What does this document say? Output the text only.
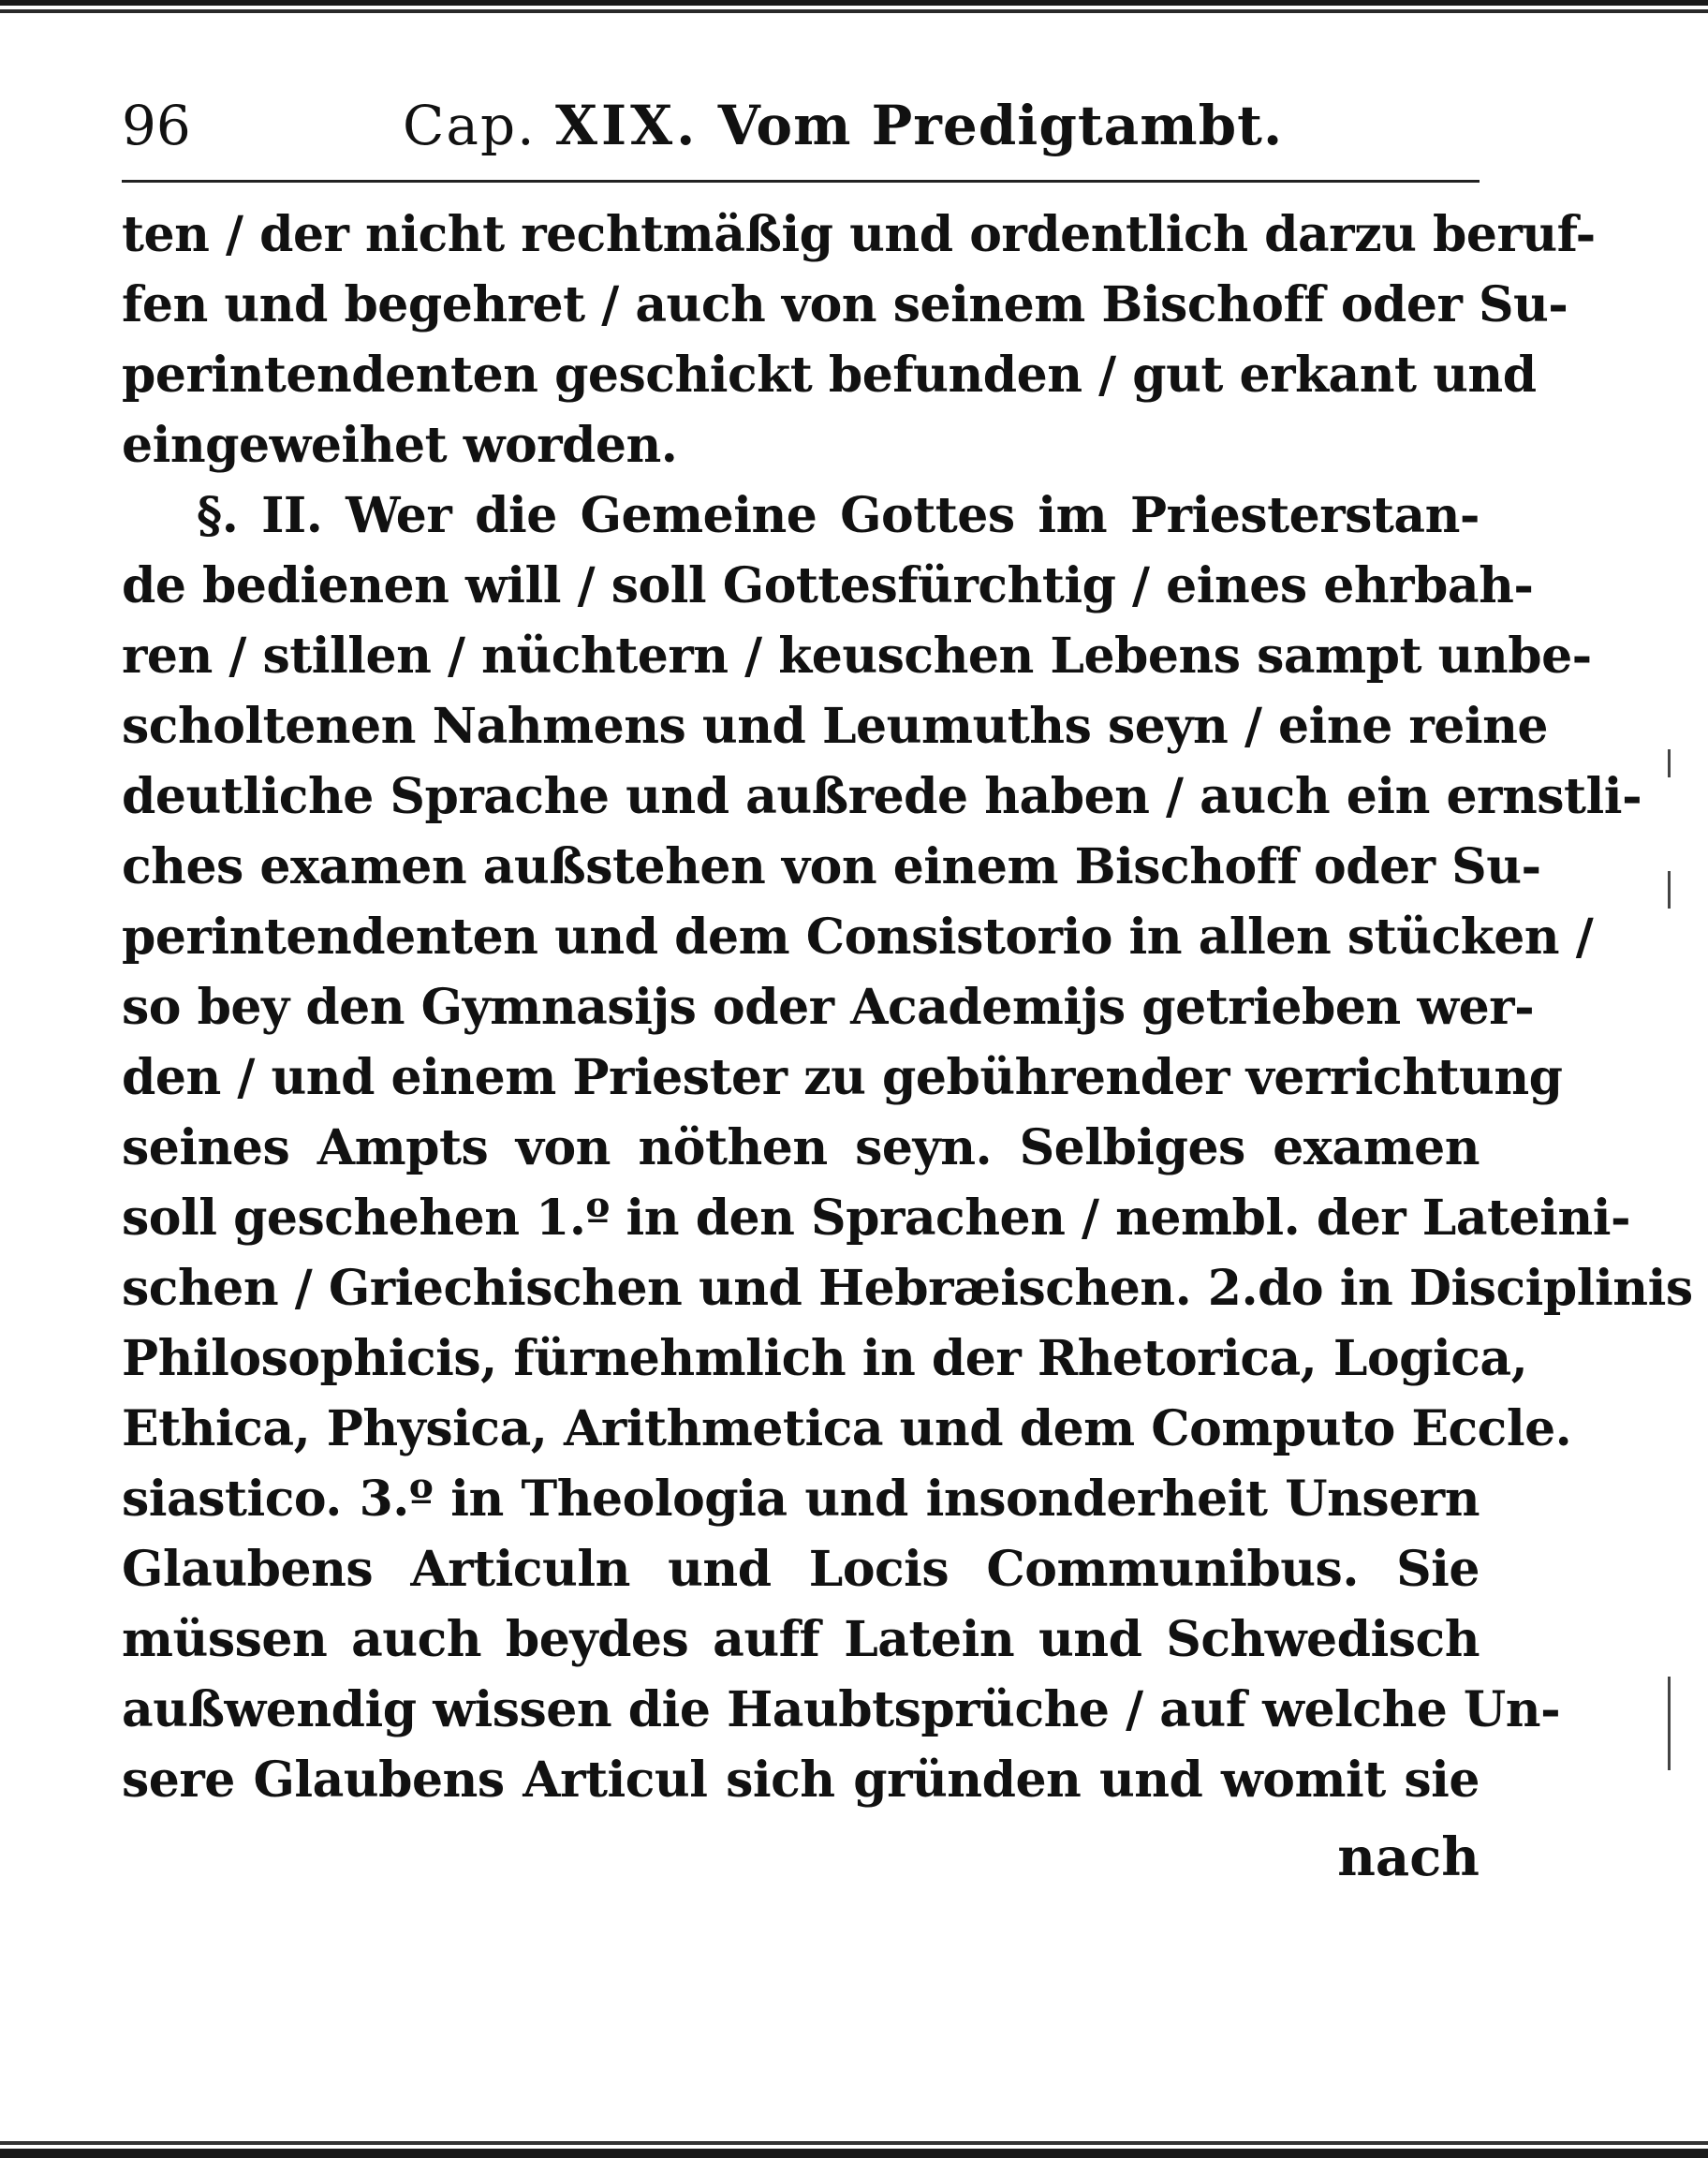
96	Cap. XIX. Vom Predigtambt.
ten / der nicht rechtmäßig und ordentlich darzu beruf-
fen und begehret / auch von seinem Bischoff oder Su-
perintendenten geschickt befunden / gut erkant und
eingeweihet worden.
§. II. Wer die Gemeine Gottes im Priesterstan-
de bedienen will / soll Gottesfürchtig / eines ehrbah-
ren / stillen / nüchtern / keuschen Lebens sampt unbe-
scholtenen Nahmens und Leumuths seyn / eine reine
deutliche Sprache und außrede haben / auch ein ernstli-
ches examen außstehen von einem Bischoff oder Su-
perintendenten und dem Consistorio in allen stücken /
so bey den Gymnasijs oder Academijs getrieben wer-
den / und einem Priester zu gebührender verrichtung
seines Ampts von nöthen seyn. Selbiges examen
soll geschehen 1.º in den Sprachen / nembl. der Lateini-
schen / Griechischen und Hebræischen. 2.do in Disciplinis
Philosophicis, fürnehmlich in der Rhetorica, Logica,
Ethica, Physica, Arithmetica und dem Computo Eccle.
siastico. 3.º in Theologia und insonderheit Unsern
Glaubens Articuln und Locis Communibus. Sie
müssen auch beydes auff Latein und Schwedisch
außwendig wissen die Haubtsprüche / auf welche Un-
sere Glaubens Articul sich gründen und womit sie
nach
